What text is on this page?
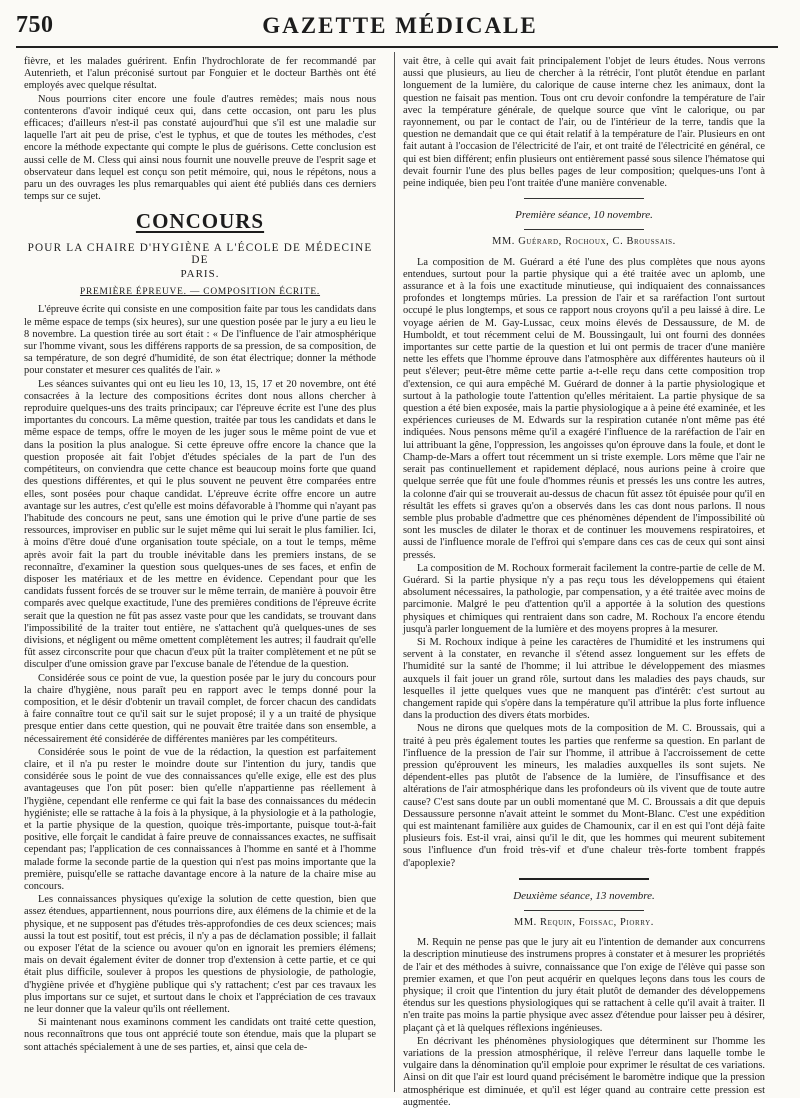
750	GAZETTE MÉDICALE

fièvre, et les malades guérirent. Enfin l'hydrochlorate de fer recommandé par Autenrieth, et l'alun préconisé surtout par Fonguier et le docteur Barthès ont été employés avec quelque résultat.

Nous pourrions citer encore une foule d'autres remèdes; mais nous nous contenterons d'avoir indiqué ceux qui, dans cette occasion, ont paru les plus efficaces; d'ailleurs n'est-il pas constaté aujourd'hui que s'il est une maladie sur laquelle l'art ait peu de prise, c'est le typhus, et que de toutes les méthodes, c'est encore la méthode expectante qui compte le plus de guérisons. Cette conclusion est aussi celle de M. Cless qui ainsi nous fournit une nouvelle preuve de l'esprit sage et observateur dans lequel est conçu son petit mémoire, qui, nous le répétons, nous a paru un des ouvrages les plus remarquables qui aient été publiés dans ces derniers temps sur ce sujet.

CONCOURS
POUR LA CHAIRE D'HYGIÈNE A L'ÉCOLE DE MÉDECINE DE
PARIS.
PREMIÈRE ÉPREUVE. — COMPOSITION ÉCRITE.

L'épreuve écrite qui consiste en une composition faite par tous les candidats dans le même espace de temps (six heures), sur une question posée par le jury a eu lieu le 8 novembre. La question tirée au sort était : « De l'influence de l'air atmosphérique sur l'homme vivant, sous les différens rapports de sa pression, de sa composition, de sa température, de son degré d'humidité, de son état électrique; donner la méthode pour constater et mesurer ces qualités de l'air. »

Les séances suivantes qui ont eu lieu les 10, 13, 15, 17 et 20 novembre, ont été consacrées à la lecture des compositions écrites dont nous allons chercher à reproduire quelques-uns des traits principaux; car l'épreuve écrite est l'une des plus importantes du concours. La même question, traitée par tous les candidats et dans le même espace de temps, offre le moyen de les juger sous le même point de vue et dans la position la plus analogue. Si cette épreuve offre encore la chance que la question proposée ait fait l'objet d'études spéciales de la part de l'un des compétiteurs, on conviendra que cette chance est beaucoup moins forte que quand des questions différentes, et qui le plus souvent ne peuvent être comparées entre elles, sont posées pour chaque candidat. L'épreuve écrite offre encore un autre avantage sur les autres, c'est qu'elle est moins défavorable à l'homme qui n'ayant pas l'habitude des concours ne peut, sans une émotion qui le prive d'une partie de ses ressources, improviser en public sur le sujet même qui lui serait le plus familier. Ici, à moins d'être doué d'une organisation toute spéciale, on a tout le temps, même après avoir fait la part du trouble inévitable dans les premiers instans, de se reconnaître, d'examiner la question sous quelques-unes de ses faces, et enfin de disposer les matériaux et de les mettre en évidence. Cependant pour que les candidats fussent forcés de se trouver sur le même terrain, de manière à pouvoir être comparés avec quelque exactitude, l'une des premières conditions de l'épreuve écrite serait que la question ne fût pas assez vaste pour que les candidats, se trouvant dans l'impossibilité de la traiter tout entière, ne s'attachent qu'à quelques-unes de ses divisions, et négligent ou même omettent complètement les autres; il faudrait qu'elle fût assez circonscrite pour que chacun d'eux pût la traiter complètement et ne pût se disculper d'une omission grave par l'excuse banale de l'étendue de la question.

Considérée sous ce point de vue, la question posée par le jury du concours pour la chaire d'hygiène, nous paraît peu en rapport avec le temps donné pour la composition, et le désir d'obtenir un travail complet, de forcer chacun des candidats à faire connaître tout ce qu'il sait sur le sujet proposé; il y a un traité de physique presque entier dans cette question, qui ne pouvait être traitée dans son ensemble, a nécessairement été considérée de différentes manières par les compétiteurs.

Considérée sous le point de vue de la rédaction, la question est parfaitement claire, et il n'a pu rester le moindre doute sur l'intention du jury, tandis que considérée sous le point de vue des connaissances qu'elle exige, elle est des plus avantageuses que l'on pût poser: bien qu'elle n'appartienne pas réellement à l'hygiène, cependant elle renferme ce qui fait la base des connaissances du médecin hygiéniste; elle se rattache à la fois à la physique, à la physiologie et à la pathologie, et la partie physique de la question, quoique très-importante, puisque tout-à-fait positive, elle forçait le candidat à faire preuve de connaissances exactes, ne suffisait cependant pas; l'application de ces connaissances à l'homme en santé et à l'homme malade forme la seconde partie de la question qui n'est pas moins importante que la première, puisqu'elle se rattache davantage encore à la nature de la chaire mise au concours.

Les connaissances physiques qu'exige la solution de cette question, bien que assez étendues, appartiennent, nous pourrions dire, aux élémens de la chimie et de la physique, et ne supposent pas d'études très-approfondies de ces deux sciences; mais aussi la tout est positif, tout est précis, il n'y a pas de déclamation possible; il fallait ou exposer l'état de la science ou avouer qu'on en ignorait les premiers élémens; mais on devait également éviter de donner trop d'extension à cette partie, et ce qui était plus difficile, soulever à propos les questions de physiologie, de pathologie, d'hygiène privée et d'hygiène publique qui s'y rattachent; c'est par ces travaux les plus importans sur ce sujet, et surtout dans le choix et l'appréciation de ces travaux ne leur donner que la valeur qu'ils ont réellement.

Si maintenant nous examinons comment les candidats ont traité cette question, nous reconnaîtrons que tous ont apprécié toute son étendue, mais que la plupart se sont attachés spécialement à une de ses parties, et, ainsi que cela de-

vait être, à celle qui avait fait principalement l'objet de leurs études. Nous verrons aussi que plusieurs, au lieu de chercher à la rétrécir, l'ont plutôt étendue en parlant longuement de la lumière, du calorique de cause interne chez les animaux, dont la question ne faisait pas mention. Tous ont cru devoir confondre la température de l'air avec la température générale, de quelque source que vînt le calorique, ou par rayonnement, ou par le contact de l'air, ou de l'intérieur de la terre, tandis que la question ne demandait que ce qui était relatif à la température de l'air. Plusieurs en ont fait autant à l'occasion de l'électricité de l'air, et ont traité de l'électricité en général, ce qui est bien différent; enfin plusieurs ont entièrement passé sous silence l'hématose qui devait fournir l'une des plus belles pages de leur composition; quelques-uns l'ont à peine indiquée, bien peu l'ont traitée d'une manière convenable.

Première séance, 10 novembre.
MM. Guérard, Rochoux, C. Broussais.

La composition de M. Guérard a été l'une des plus complètes que nous ayons entendues, surtout pour la partie physique qui a été traitée avec un aplomb, une assurance et à la fois une exactitude minutieuse, qui indiquaient des connaissances profondes et longtemps mûries. La pression de l'air et sa raréfaction l'ont surtout occupé le plus longtemps, et sous ce rapport nous croyons qu'il a peu laissé à dire. Le voyage aérien de M. Gay-Lussac, ceux moins élevés de Dessaussure, de M. de Humboldt, et tout récemment celui de M. Boussingault, lui ont fourni des données importantes sur cette partie de la question et lui ont permis de tracer d'une manière nette les effets que l'homme éprouve dans l'atmosphère aux différentes hauteurs où il peut s'élever; peut-être même cette partie a-t-elle reçu dans cette composition trop d'extension, ce qui aura empêché M. Guérard de donner à la partie physiologique et surtout à la pathologie toute l'attention qu'elles méritaient. La partie physique de sa question a été bien exposée, mais la partie physiologique a à peine été examinée, et les expériences curieuses de M. Edwards sur la respiration cutanée n'ont même pas été indiquées. Nous pensons même qu'il a exagéré l'influence de la raréfaction de l'air en lui attribuant la gêne, l'oppression, les angoisses qu'on éprouve dans la foule, et dont le Champ-de-Mars a offert tout récemment un si triste exemple. Lors même que l'air ne serait pas continuellement et rapidement déplacé, nous aurions peine à croire que quelque serrée que fût une foule d'hommes réunis et pressés les uns contre les autres, la colonne d'air qui se trouverait au-dessus de chacun fût assez tôt épuisée pour qu'il en résultât les effets si graves qu'on a observés dans les cas dont nous parlons. Il nous semble plus probable d'admettre que ces phénomènes dépendent de l'impossibilité où sont les muscles de dilater le thorax et de continuer les mouvemens respiratoires, et aussi de l'influence morale de l'effroi qui s'empare dans ces cas de ceux qui sont ainsi pressés.

La composition de M. Rochoux formerait facilement la contre-partie de celle de M. Guérard. Si la partie physique n'y a pas reçu tous les développemens qui étaient absolument nécessaires, la pathologie, par compensation, y a été traitée avec moins de parcimonie. Malgré le peu d'attention qu'il a apportée à la solution des questions physiques et chimiques qui rentraient dans son cadre, M. Rochoux l'a encore étendu jusqu'à parler longuement de la lumière et des moyens propres à la mesurer.

Si M. Rochoux indique à peine les caractères de l'humidité et les instrumens qui servent à la constater, en revanche il s'étend assez longuement sur les effets de l'humidité sur la santé de l'homme; il lui attribue le développement des miasmes auxquels il fait jouer un grand rôle, surtout dans les maladies des pays chauds, sur lesquelles il jette quelques vues que ne manquent pas d'intérêt: c'est surtout au changement rapide qui s'opère dans la température qu'il attribue la plus forte influence dans la production des divers états morbides.

Nous ne dirons que quelques mots de la composition de M. C. Broussais, qui a traité à peu près également toutes les parties que renferme sa question. En parlant de l'influence de la pression de l'air sur l'homme, il attribue à l'accroissement de cette pression qu'éprouvent les mineurs, les maladies auxquelles ils sont sujets. Ne dépendent-elles pas plutôt de l'absence de la lumière, de l'insuffisance et des altérations de l'air atmosphérique dans les profondeurs où ils vivent que de toute autre cause? C'est sans doute par un oubli momentané que M. C. Broussais a dit que depuis Dessaussure personne n'avait atteint le sommet du Mont-Blanc. C'est une expédition qui est maintenant familière aux guides de Chamounix, car il en est qui l'ont déjà faite plusieurs fois. Est-il vrai, ainsi qu'il le dit, que les hommes qui meurent subitement sous l'influence d'un froid très-vif et d'une chaleur très-forte tombent frappés d'apoplexie?

Deuxième séance, 13 novembre.
MM. Requin, Foissac, Piorry.

M. Requin ne pense pas que le jury ait eu l'intention de demander aux concurrens la description minutieuse des instrumens propres à constater et à mesurer les propriétés de l'air et des méthodes à suivre, connaissance que l'on exige de l'élève qui passe son premier examen, et que l'on peut acquérir en quelques leçons dans tous les cours de physique; il croit que l'intention du jury était plutôt de demander des développemens étendus sur les questions physiologiques qui se rattachent à celle qu'il avait à traiter. Il n'en traite pas moins la partie physique avec assez d'étendue pour laisser peu à désirer, plaçant çà et là quelques réflexions ingénieuses.

En décrivant les phénomènes physiologiques que déterminent sur l'homme les variations de la pression atmosphérique, il relève l'erreur dans laquelle tombe le vulgaire dans la dénomination qu'il emploie pour exprimer le résultat de ces variations. Ainsi on dit que l'air est lourd quand précisément le baromètre indique que la pression atmosphérique est diminuée, et qu'il est léger quand au contraire cette pression est augmentée.
